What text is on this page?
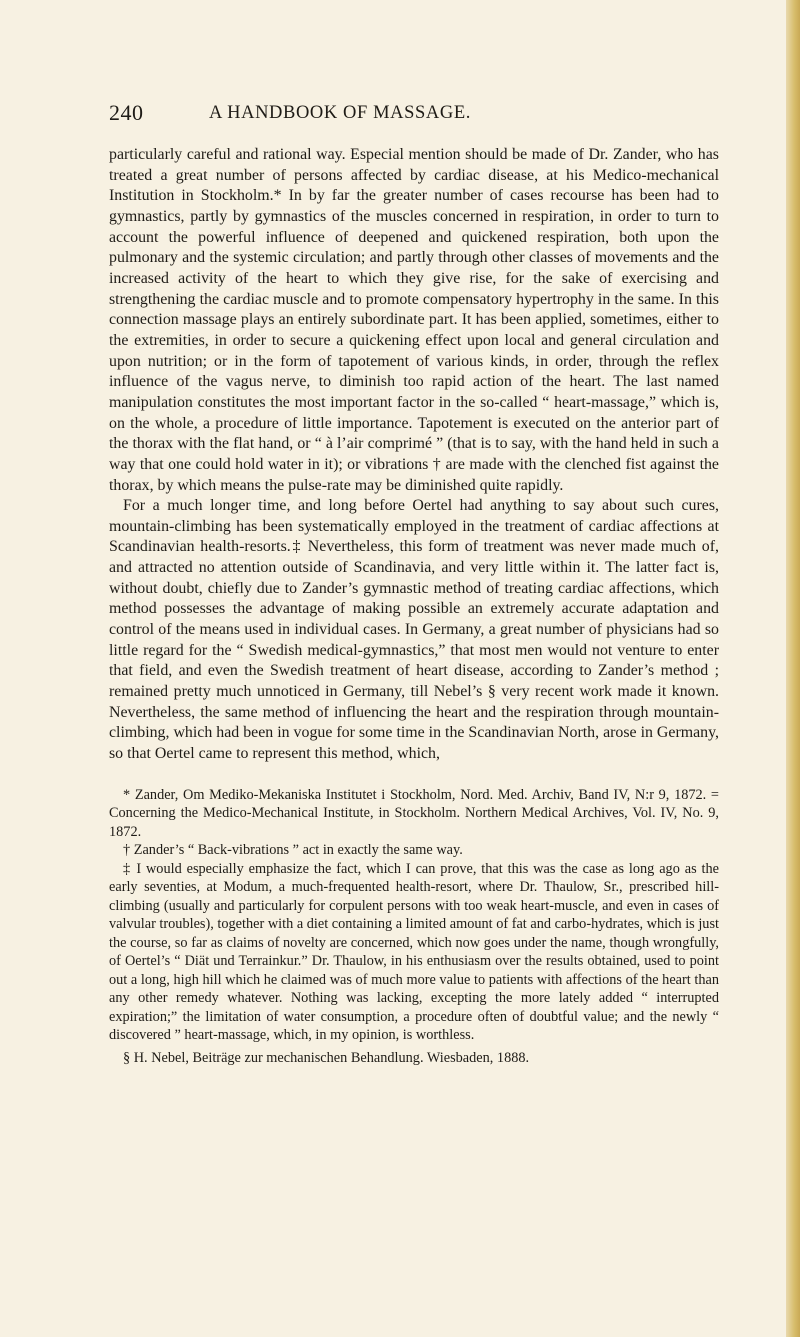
240	A HANDBOOK OF MASSAGE.

particularly careful and rational way. Especial mention should be made of Dr. Zander, who has treated a great number of persons affected by cardiac disease, at his Medico-mechanical Institution in Stockholm.* In by far the greater number of cases recourse has been had to gymnastics, partly by gymnastics of the muscles concerned in respiration, in order to turn to account the powerful influence of deepened and quickened respiration, both upon the pulmonary and the systemic circulation; and partly through other classes of movements and the increased activity of the heart to which they give rise, for the sake of exercising and strengthening the cardiac muscle and to promote compensatory hypertrophy in the same. In this connection massage plays an entirely subordinate part. It has been applied, sometimes, either to the extremities, in order to secure a quickening effect upon local and general circulation and upon nutrition; or in the form of tapotement of various kinds, in order, through the reflex influence of the vagus nerve, to diminish too rapid action of the heart. The last named manipulation constitutes the most important factor in the so-called “ heart-massage,” which is, on the whole, a procedure of little importance. Tapotement is executed on the anterior part of the thorax with the flat hand, or “ à l’air comprimé ” (that is to say, with the hand held in such a way that one could hold water in it); or vibrations † are made with the clenched fist against the thorax, by which means the pulse-rate may be diminished quite rapidly.

For a much longer time, and long before Oertel had anything to say about such cures, mountain-climbing has been systematically employed in the treatment of cardiac affections at Scandinavian health-resorts.‡ Nevertheless, this form of treatment was never made much of, and attracted no attention outside of Scandinavia, and very little within it. The latter fact is, without doubt, chiefly due to Zander’s gymnastic method of treating cardiac affections, which method possesses the advantage of making possible an extremely accurate adaptation and control of the means used in individual cases. In Germany, a great number of physicians had so little regard for the “ Swedish medical-gymnastics,” that most men would not venture to enter that field, and even the Swedish treatment of heart disease, according to Zander’s method ; remained pretty much unnoticed in Germany, till Nebel’s § very recent work made it known. Nevertheless, the same method of influencing the heart and the respiration through mountain-climbing, which had been in vogue for some time in the Scandinavian North, arose in Germany, so that Oertel came to represent this method, which,

* Zander, Om Mediko-Mekaniska Institutet i Stockholm, Nord. Med. Archiv, Band IV, N:r 9, 1872. = Concerning the Medico-Mechanical Institute, in Stockholm. Northern Medical Archives, Vol. IV, No. 9, 1872.

† Zander’s “ Back-vibrations ” act in exactly the same way.

‡ I would especially emphasize the fact, which I can prove, that this was the case as long ago as the early seventies, at Modum, a much-frequented health-resort, where Dr. Thaulow, Sr., prescribed hill-climbing (usually and particularly for corpulent persons with too weak heart-muscle, and even in cases of valvular troubles), together with a diet containing a limited amount of fat and carbo-hydrates, which is just the course, so far as claims of novelty are concerned, which now goes under the name, though wrongfully, of Oertel’s “ Diät und Terrainkur.” Dr. Thaulow, in his enthusiasm over the results obtained, used to point out a long, high hill which he claimed was of much more value to patients with affections of the heart than any other remedy whatever. Nothing was lacking, excepting the more lately added “ interrupted expiration;” the limitation of water consumption, a procedure often of doubtful value; and the newly “ discovered ” heart-massage, which, in my opinion, is worthless.

§ H. Nebel, Beiträge zur mechanischen Behandlung. Wiesbaden, 1888.
